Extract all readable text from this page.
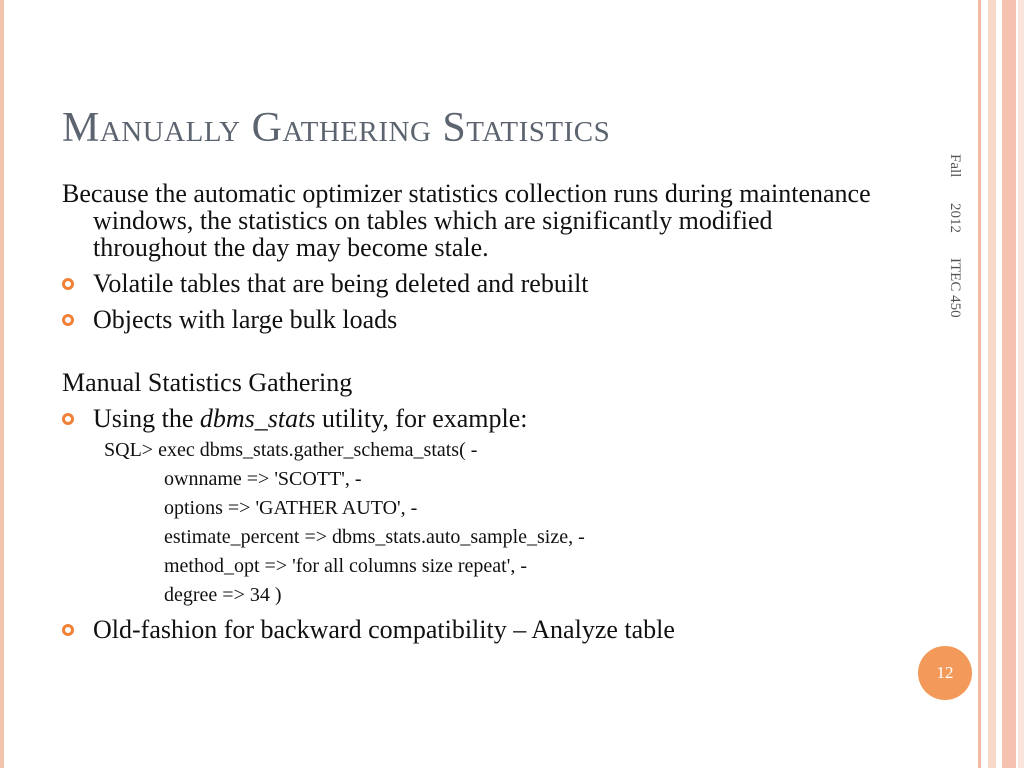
Manually Gathering Statistics
Fall  2012  ITEC 450

Because the automatic optimizer statistics collection runs during maintenance windows, the statistics on tables which are significantly modified throughout the day may become stale.

Volatile tables that are being deleted and rebuilt

Objects with large bulk loads

Manual Statistics Gathering

Using the dbms_stats utility, for example:

SQL> exec dbms_stats.gather_schema_stats( -

ownname => 'SCOTT', -

options => 'GATHER AUTO', -

estimate_percent => dbms_stats.auto_sample_size, -

method_opt => 'for all columns size repeat', -

degree => 34 )

Old-fashion for backward compatibility – Analyze table

12
